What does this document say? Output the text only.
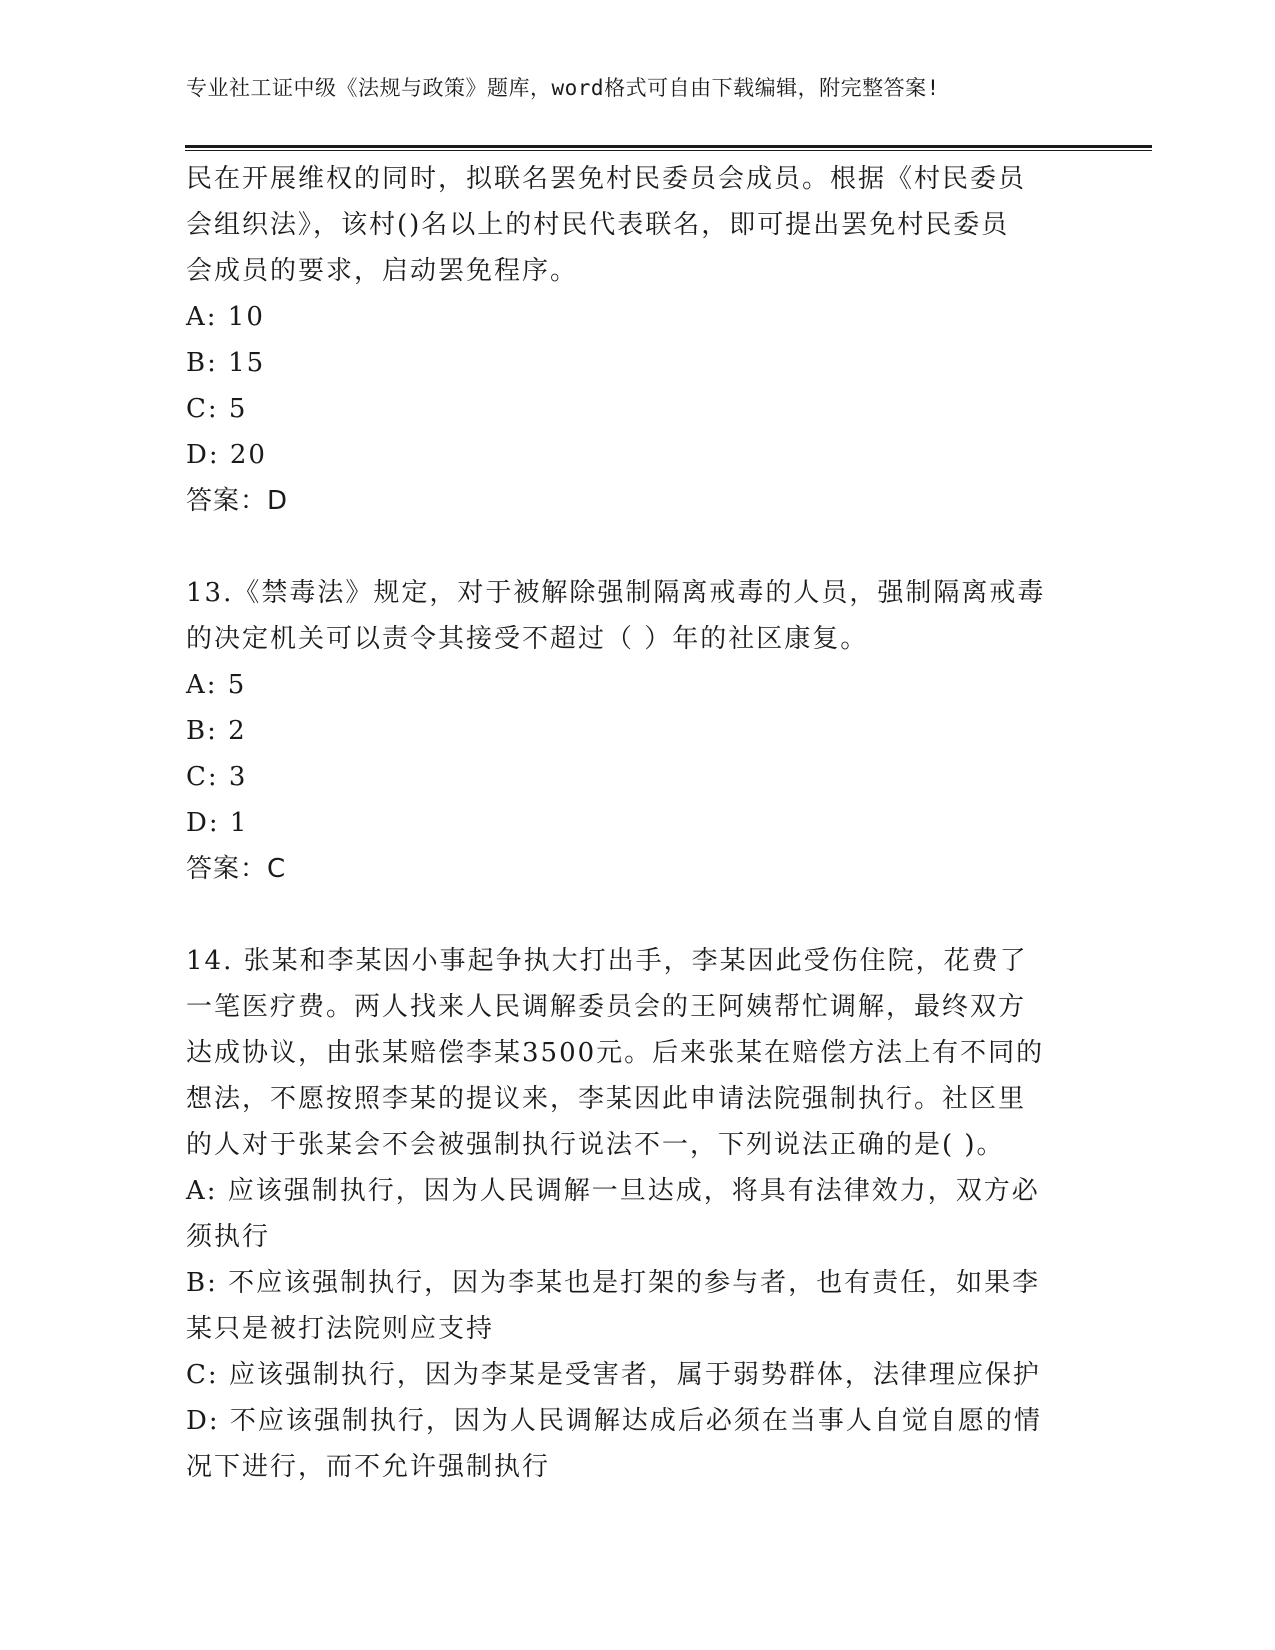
专业社工证中级《法规与政策》题库，word格式可自由下载编辑，附完整答案!
民在开展维权的同时，拟联名罢免村民委员会成员。根据《村民委员
会组织法》，该村()名以上的村民代表联名，即可提出罢免村民委员
会成员的要求，启动罢免程序。
A: 10
B: 15
C: 5
D: 20
答案：D
13.《禁毒法》规定，对于被解除强制隔离戒毒的人员，强制隔离戒毒
的决定机关可以责令其接受不超过（ ）年的社区康复。
A: 5
B: 2
C: 3
D: 1
答案：C
14. 张某和李某因小事起争执大打出手，李某因此受伤住院，花费了
一笔医疗费。两人找来人民调解委员会的王阿姨帮忙调解，最终双方
达成协议，由张某赔偿李某3500元。后来张某在赔偿方法上有不同的
想法，不愿按照李某的提议来，李某因此申请法院强制执行。社区里
的人对于张某会不会被强制执行说法不一，下列说法正确的是( )。
A: 应该强制执行，因为人民调解一旦达成，将具有法律效力，双方必
须执行
B: 不应该强制执行，因为李某也是打架的参与者，也有责任，如果李
某只是被打法院则应支持
C: 应该强制执行，因为李某是受害者，属于弱势群体，法律理应保护
D: 不应该强制执行，因为人民调解达成后必须在当事人自觉自愿的情
况下进行，而不允许强制执行
